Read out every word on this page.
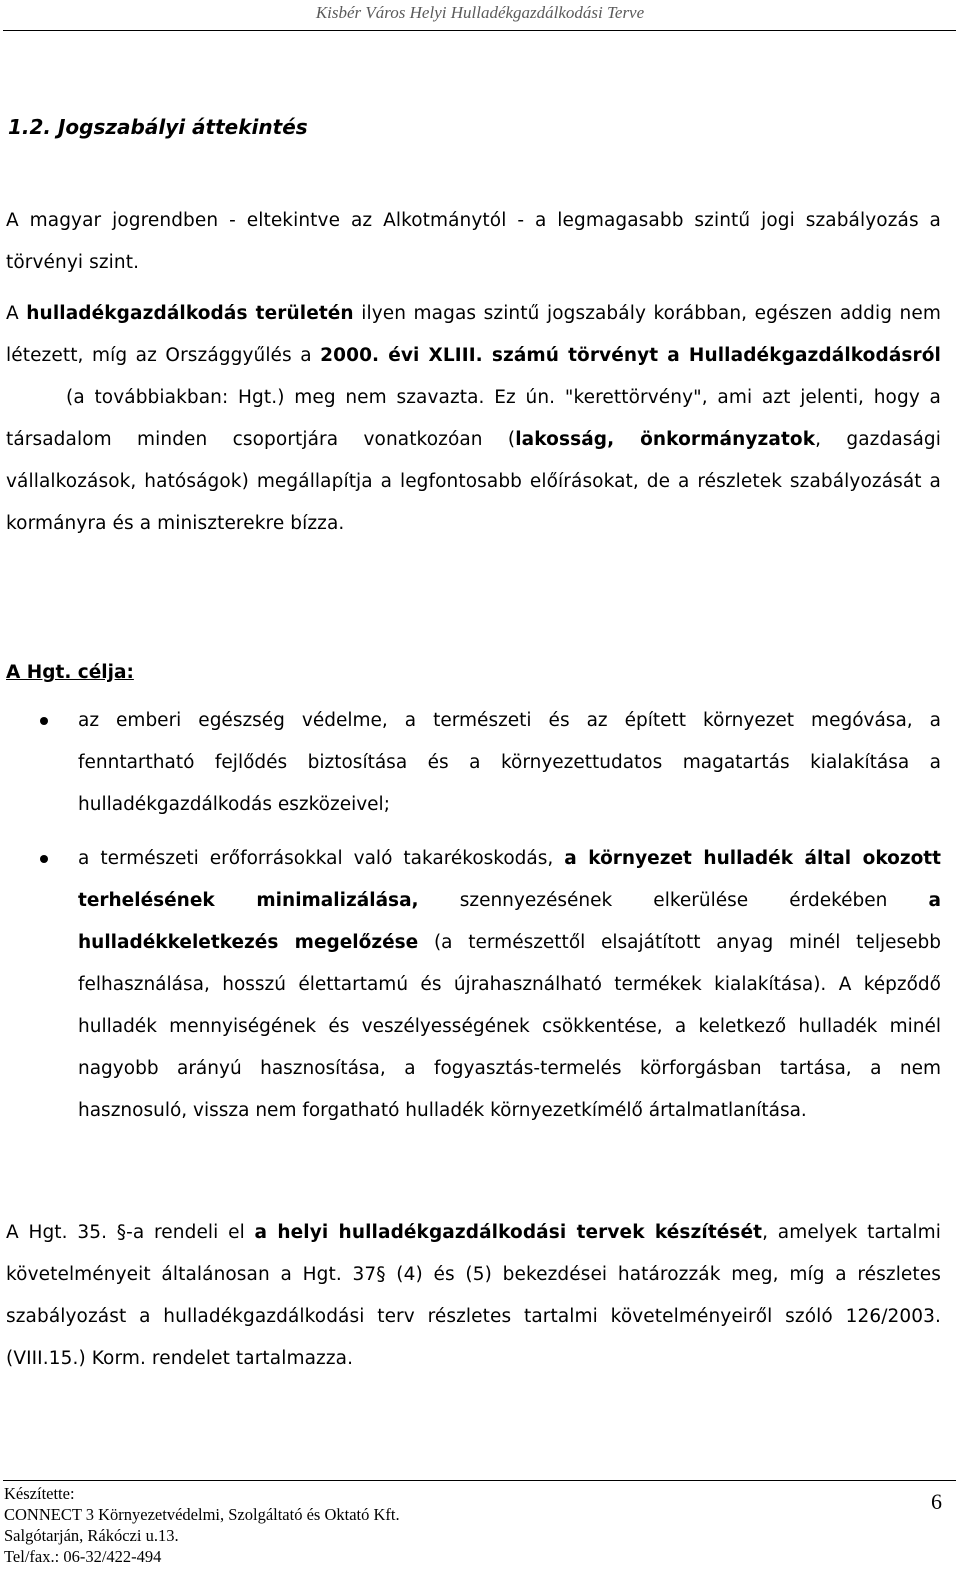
Kisbér Város Helyi Hulladékgazdálkodási Terve
1.2. Jogszabályi áttekintés

A magyar jogrendben - eltekintve az Alkotmánytól - a legmagasabb szintű jogi szabályozás a törvényi szint.

A hulladékgazdálkodás területén ilyen magas szintű jogszabály korábban, egészen addig nem létezett, míg az Országgyűlés a 2000. évi XLIII. számú törvényt a Hulladékgazdálkodásról(a továbbiakban: Hgt.) meg nem szavazta. Ez ún. "kerettörvény", ami azt jelenti, hogy a társadalom minden csoportjára vonatkozóan (lakosság, önkormányzatok, gazdasági vállalkozások, hatóságok) megállapítja a legfontosabb előírásokat, de a részletek szabályozását a kormányra és a miniszterekre bízza.

A Hgt. célja:
az emberi egészség védelme, a természeti és az épített környezet megóvása, a fenntartható fejlődés biztosítása és a környezettudatos magatartás kialakítása a hulladékgazdálkodás eszközeivel;
a természeti erőforrásokkal való takarékoskodás, a környezet hulladék által okozott terhelésének minimalizálása, szennyezésének elkerülése érdekében a hulladékkeletkezés megelőzése (a természettől elsajátított anyag minél teljesebb felhasználása, hosszú élettartamú és újrahasználható termékek kialakítása). A képződő hulladék mennyiségének és veszélyességének csökkentése, a keletkező hulladék minél nagyobb arányú hasznosítása, a fogyasztás-termelés körforgásban tartása, a nem hasznosuló, vissza nem forgatható hulladék környezetkímélő ártalmatlanítása.

A Hgt. 35. §-a rendeli el a helyi hulladékgazdálkodási tervek készítését, amelyek tartalmi követelményeit általánosan a Hgt. 37§ (4) és (5) bekezdései határozzák meg, míg a részletes szabályozást a hulladékgazdálkodási terv részletes tartalmi követelményeiről szóló 126/2003. (VIII.15.) Korm. rendelet tartalmazza.

Készítette:
CONNECT 3 Környezetvédelmi, Szolgáltató és Oktató Kft.
Salgótarján, Rákóczi u.13.
Tel/fax.: 06-32/422-494
6
